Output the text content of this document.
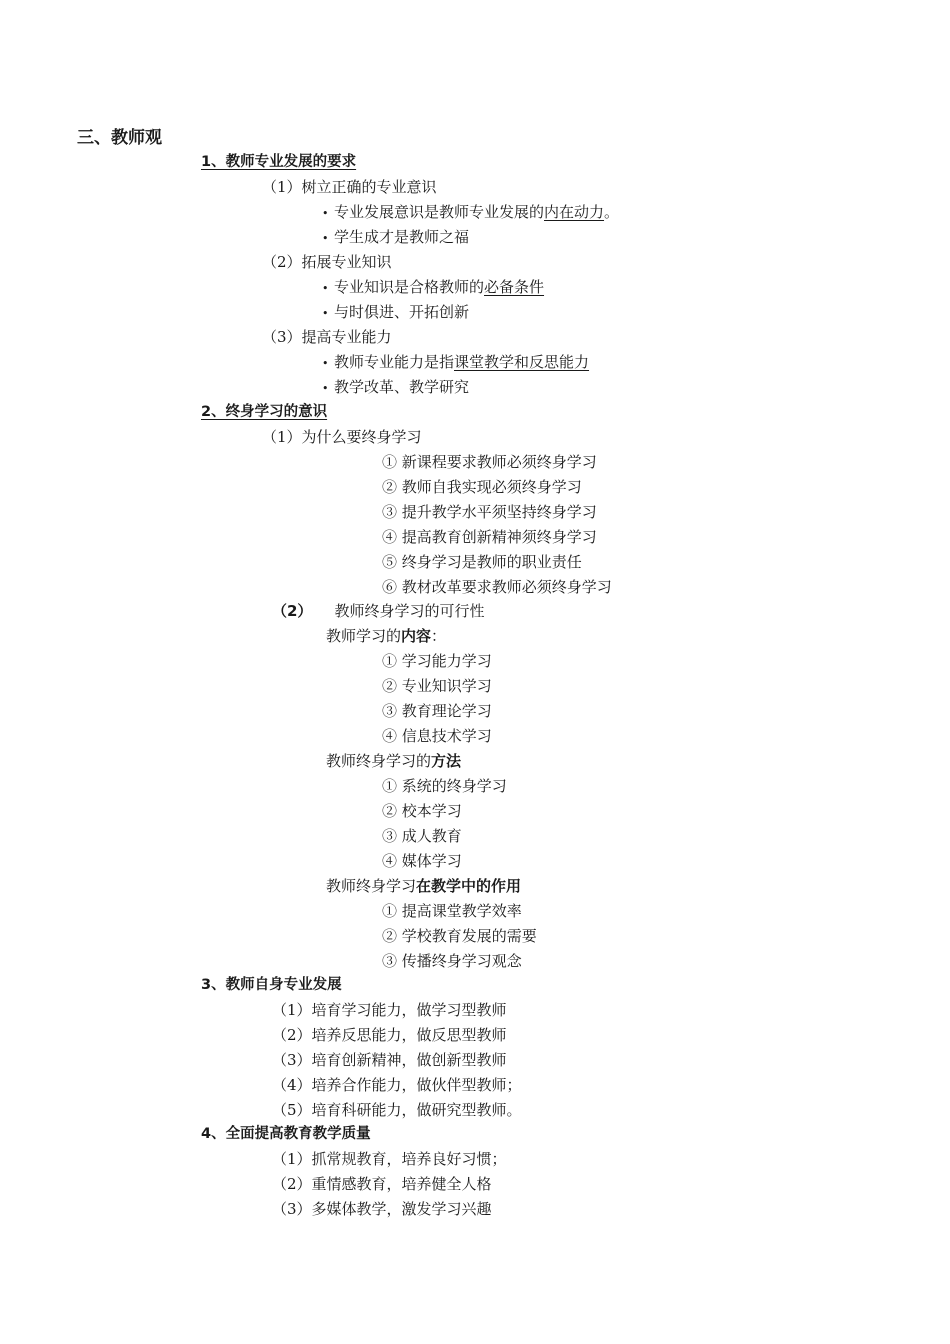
三、教师观
1、教师专业发展的要求
（1）树立正确的专业意识
• 专业发展意识是教师专业发展的内在动力。
• 学生成才是教师之福
（2）拓展专业知识
• 专业知识是合格教师的必备条件
• 与时俱进、开拓创新
（3）提高专业能力
• 教师专业能力是指课堂教学和反思能力
• 教学改革、教学研究
2、终身学习的意识
（1）为什么要终身学习
① 新课程要求教师必须终身学习
② 教师自我实现必须终身学习
③ 提升教学水平须坚持终身学习
④ 提高教育创新精神须终身学习
⑤ 终身学习是教师的职业责任
⑥ 教材改革要求教师必须终身学习
（2） 教师终身学习的可行性
教师学习的内容：
① 学习能力学习
② 专业知识学习
③ 教育理论学习
④ 信息技术学习
教师终身学习的方法
① 系统的终身学习
② 校本学习
③ 成人教育
④ 媒体学习
教师终身学习在教学中的作用
① 提高课堂教学效率
② 学校教育发展的需要
③ 传播终身学习观念
3、教师自身专业发展
（1）培育学习能力，做学习型教师
（2）培养反思能力，做反思型教师
（3）培育创新精神，做创新型教师
（4）培养合作能力，做伙伴型教师；
（5）培育科研能力，做研究型教师。
4、全面提高教育教学质量
（1）抓常规教育，培养良好习惯；
（2）重情感教育，培养健全人格
（3）多媒体教学，激发学习兴趣
